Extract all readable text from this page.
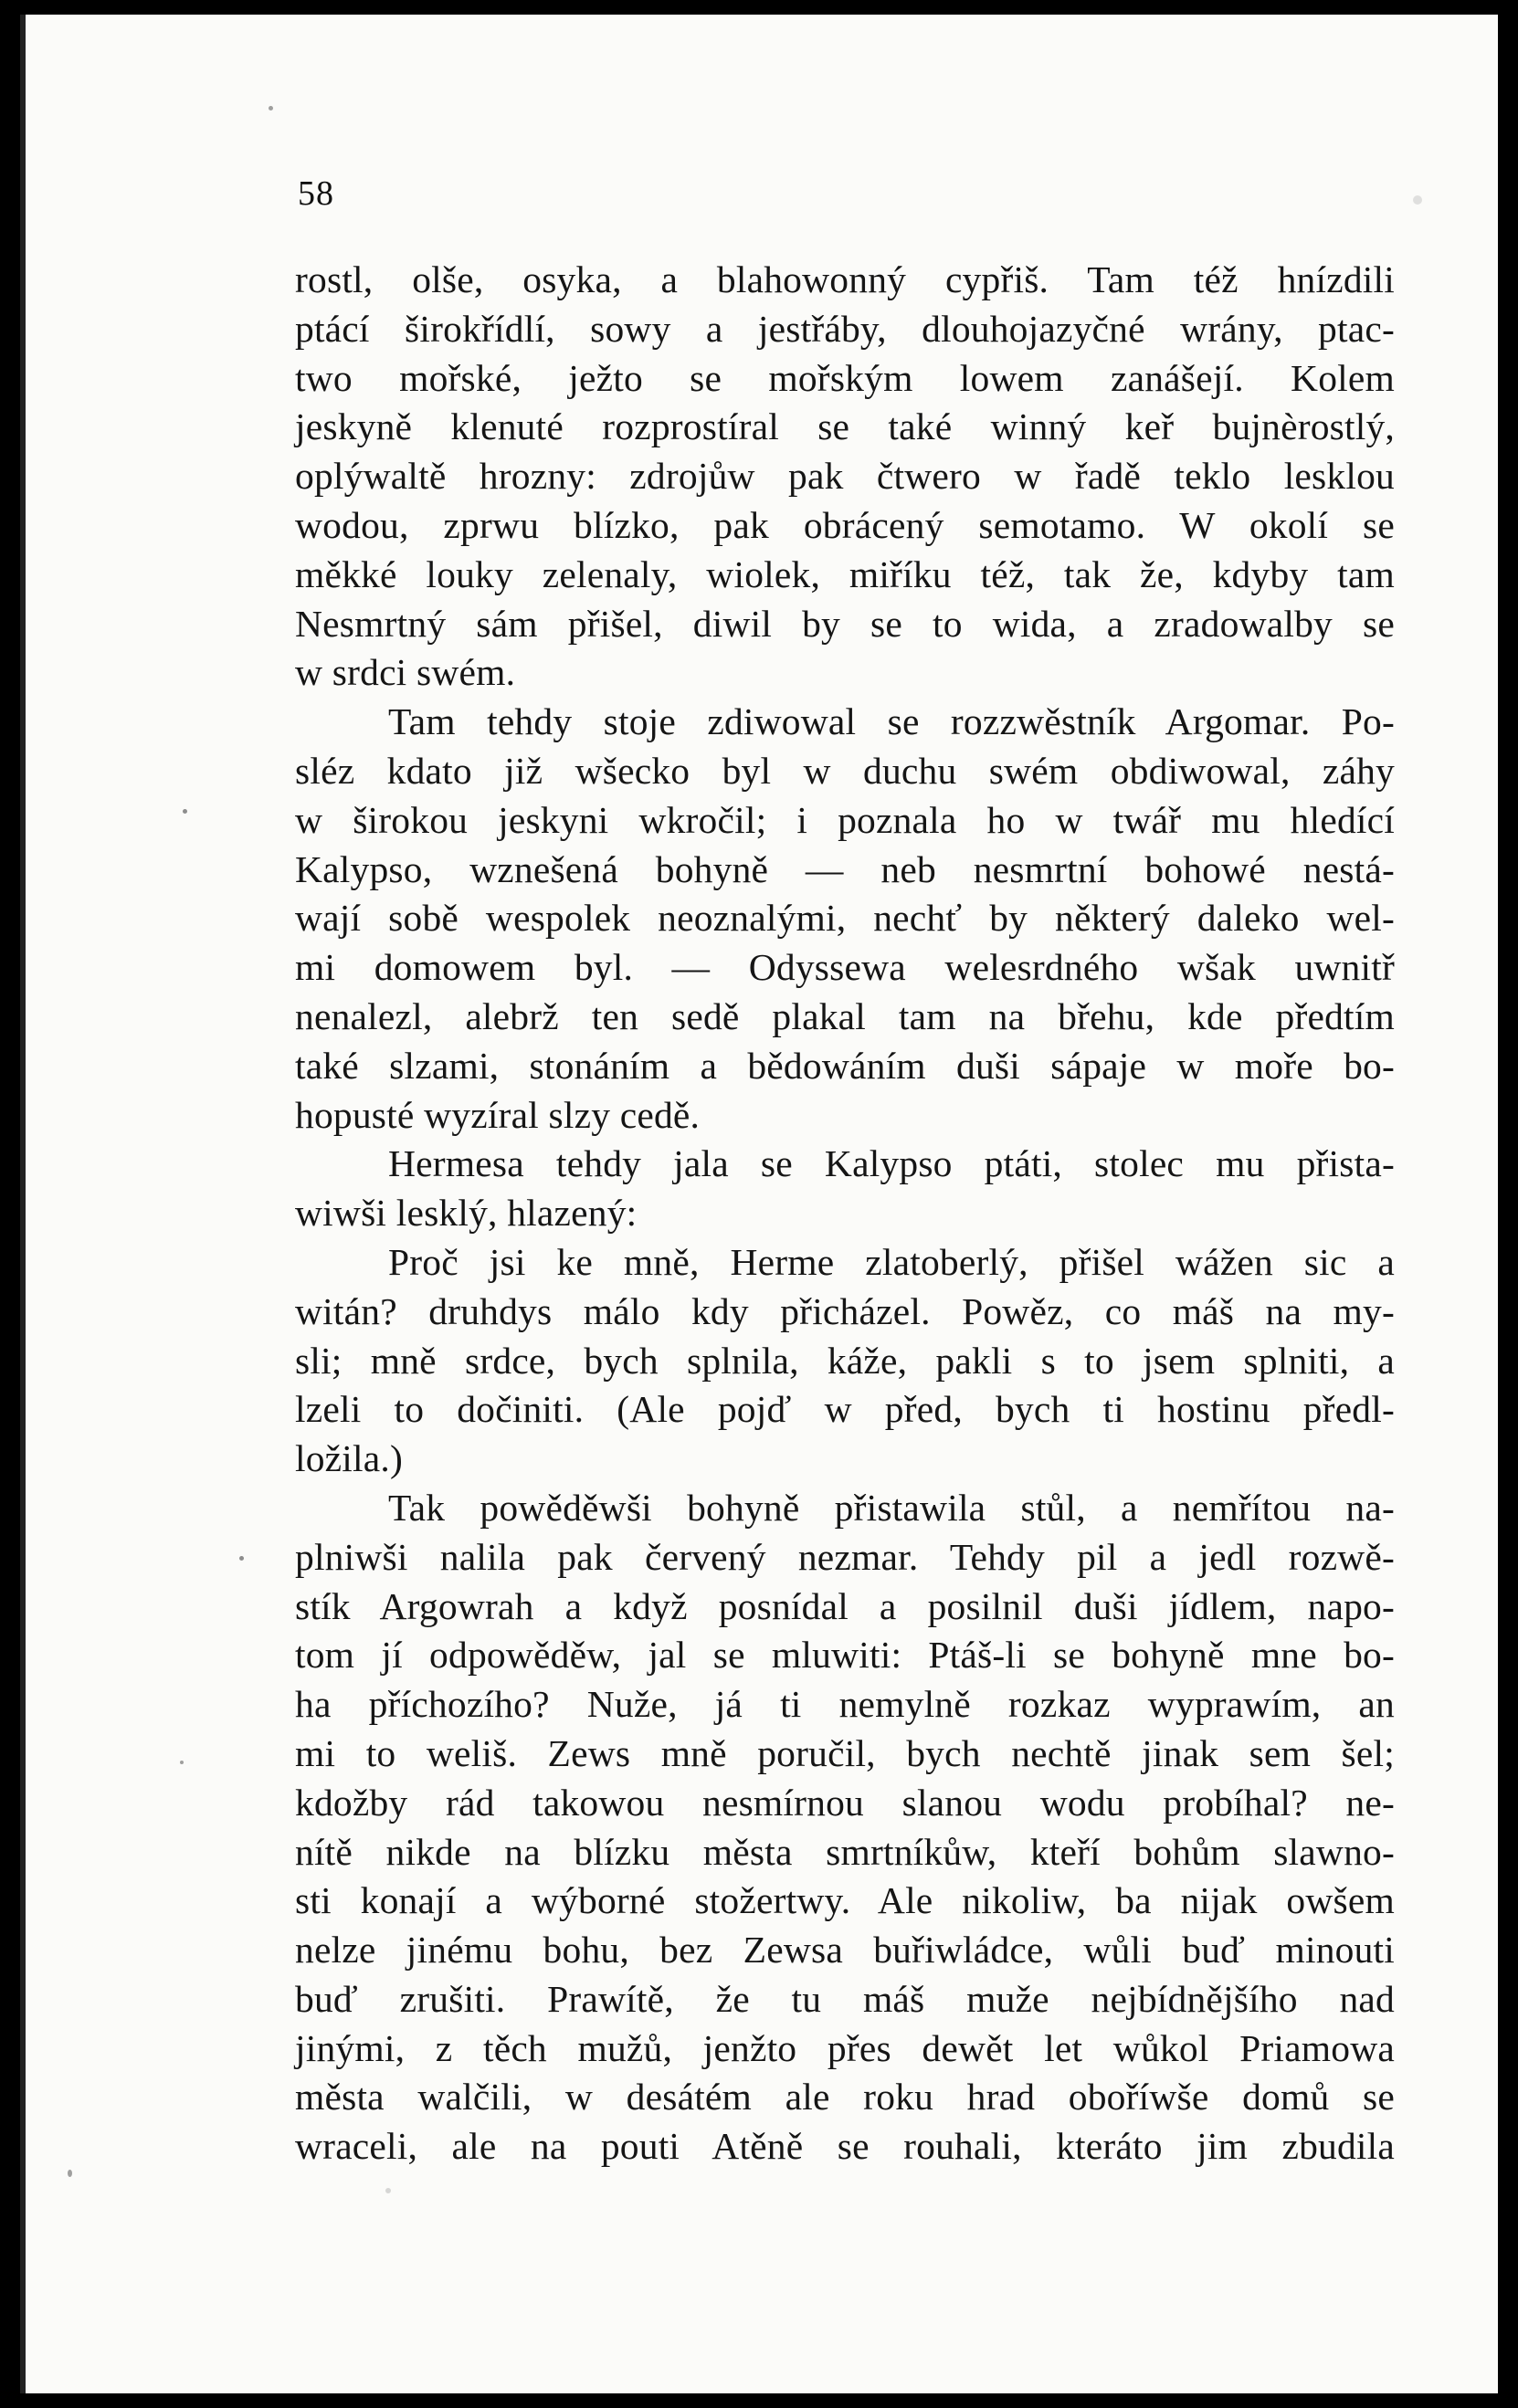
58
rostl, olše, osyka, a blahowonný cypřiš. Tam též hnízdili
ptácí širokřídlí, sowy a jestřáby, dlouhojazyčné wrány, ptac-
two mořské, ježto se mořským lowem zanášejí. Kolem
jeskyně klenuté rozprostíral se také winný keř bujnèrostlý,
oplýwaltě hrozny: zdrojůw pak čtwero w řadě teklo lesklou
wodou, zprwu blízko, pak obrácený semotamo. W okolí se
měkké louky zelenaly, wiolek, miříku též, tak že, kdyby tam
Nesmrtný sám přišel, diwil by se to wida, a zradowalby se
w srdci swém.
Tam tehdy stoje zdiwowal se rozzwěstník Argomar. Po-
sléz kdato již wšecko byl w duchu swém obdiwowal, záhy
w širokou jeskyni wkročil; i poznala ho w twář mu hledící
Kalypso, wznešená bohyně — neb nesmrtní bohowé nestá-
wají sobě wespolek neoznalými, nechť by některý daleko wel-
mi domowem byl. — Odyssewa welesrdného wšak uwnitř
nenalezl, alebrž ten sedě plakal tam na břehu, kde předtím
také slzami, stonáním a bědowáním duši sápaje w moře bo-
hopusté wyzíral slzy cedě.
Hermesa tehdy jala se Kalypso ptáti, stolec mu přista-
wiwši lesklý, hlazený:
Proč jsi ke mně, Herme zlatoberlý, přišel wážen sic a
witán? druhdys málo kdy přicházel. Powěz, co máš na my-
sli; mně srdce, bych splnila, káže, pakli s to jsem splniti, a
lzeli to dočiniti. (Ale pojď w před, bych ti hostinu předl-
ložila.)
Tak powěděwši bohyně přistawila stůl, a nemřítou na-
plniwši nalila pak červený nezmar. Tehdy pil a jedl rozwě-
stík Argowrah a když posnídal a posilnil duši jídlem, napo-
tom jí odpowěděw, jal se mluwiti: Ptáš-li se bohyně mne bo-
ha příchozího? Nuže, já ti nemylně rozkaz wyprawím, an
mi to weliš. Zews mně poručil, bych nechtě jinak sem šel;
kdožby rád takowou nesmírnou slanou wodu probíhal? ne-
nítě nikde na blízku města smrtníkůw, kteří bohům slawno-
sti konají a wýborné stožertwy. Ale nikoliw, ba nijak owšem
nelze jinému bohu, bez Zewsa buřiwládce, wůli buď minouti
buď zrušiti. Prawítě, že tu máš muže nejbídnějšího nad
jinými, z těch mužů, jenžto přes dewět let wůkol Priamowa
města walčili, w desátém ale roku hrad oboříwše domů se
wraceli, ale na pouti Atěně se rouhali, kteráto jim zbudila
